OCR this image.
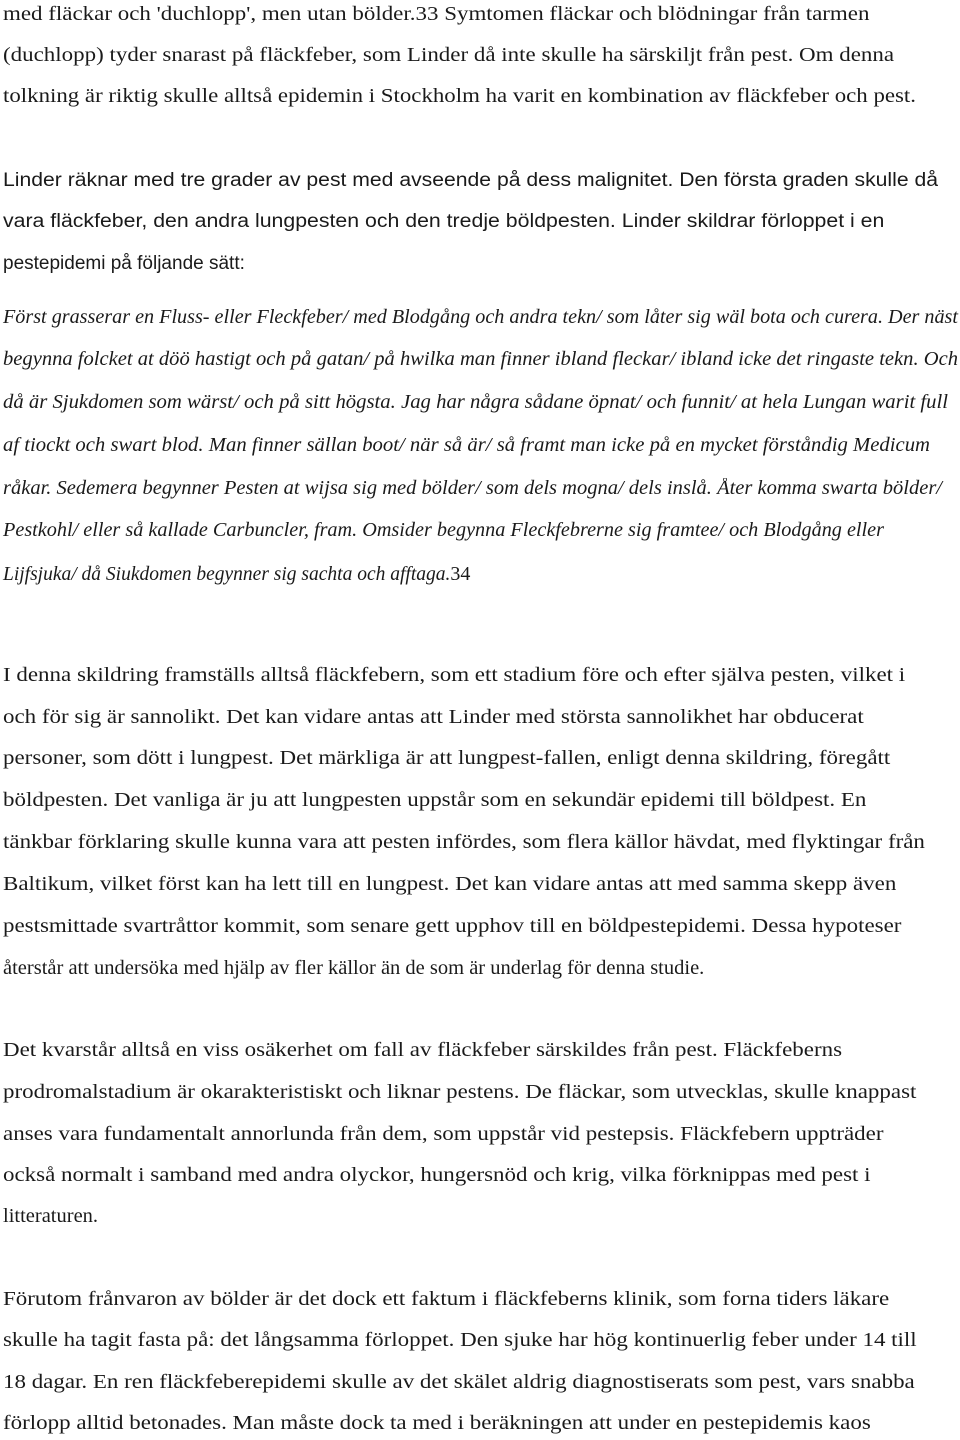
med fläckar och 'duchlopp', men utan bölder.33 Symtomen fläckar och blödningar från tarmen
(duchlopp) tyder snarast på fläckfeber, som Linder då inte skulle ha särskiljt från pest. Om denna
tolkning är riktig skulle alltså epidemin i Stockholm ha varit en kombination av fläckfeber och pest.
Linder räknar med tre grader av pest med avseende på dess malignitet. Den första graden skulle då
vara fläckfeber, den andra lungpesten och den tredje böldpesten. Linder skildrar förloppet i en
pestepidemi på följande sätt:
Först grasserar en Fluss- eller Fleckfeber/ med Blodgång och andra tekn/ som låter sig wäl bota och curera. Der näst
begynna folcket at döö hastigt och på gatan/ på hwilka man finner ibland fleckar/ ibland icke det ringaste tekn. Och
då är Sjukdomen som wärst/ och på sitt högsta. Jag har några sådane öpnat/ och funnit/ at hela Lungan warit full
af tiockt och swart blod. Man finner sällan boot/ när så är/ så framt man icke på en mycket förståndig Medicum
råkar. Sedemera begynner Pesten at wijsa sig med bölder/ som dels mogna/ dels inslå. Åter komma swarta bölder/
Pestkohl/ eller så kallade Carbuncler, fram. Omsider begynna Fleckfebrerne sig framtee/ och Blodgång eller
Lijfsjuka/ då Siukdomen begynner sig sachta och afftaga.34
I denna skildring framställs alltså fläckfebern, som ett stadium före och efter själva pesten, vilket i
och för sig är sannolikt. Det kan vidare antas att Linder med största sannolikhet har obducerat
personer, som dött i lungpest. Det märkliga är att lungpest-fallen, enligt denna skildring, föregått
böldpesten. Det vanliga är ju att lungpesten uppstår som en sekundär epidemi till böldpest. En
tänkbar förklaring skulle kunna vara att pesten infördes, som flera källor hävdat, med flyktingar från
Baltikum, vilket först kan ha lett till en lungpest. Det kan vidare antas att med samma skepp även
pestsmittade svartråttor kommit, som senare gett upphov till en böldpestepidemi. Dessa hypoteser
återstår att undersöka med hjälp av fler källor än de som är underlag för denna studie.
Det kvarstår alltså en viss osäkerhet om fall av fläckfeber särskildes från pest. Fläckfeberns
prodromalstadium är okarakteristiskt och liknar pestens. De fläckar, som utvecklas, skulle knappast
anses vara fundamentalt annorlunda från dem, som uppstår vid pestepsis. Fläckfebern uppträder
också normalt i samband med andra olyckor, hungersnöd och krig, vilka förknippas med pest i
litteraturen.
Förutom frånvaron av bölder är det dock ett faktum i fläckfeberns klinik, som forna tiders läkare
skulle ha tagit fasta på: det långsamma förloppet. Den sjuke har hög kontinuerlig feber under 14 till
18 dagar. En ren fläckfeberepidemi skulle av det skälet aldrig diagnostiserats som pest, vars snabba
förlopp alltid betonades. Man måste dock ta med i beräkningen att under en pestepidemis kaos
